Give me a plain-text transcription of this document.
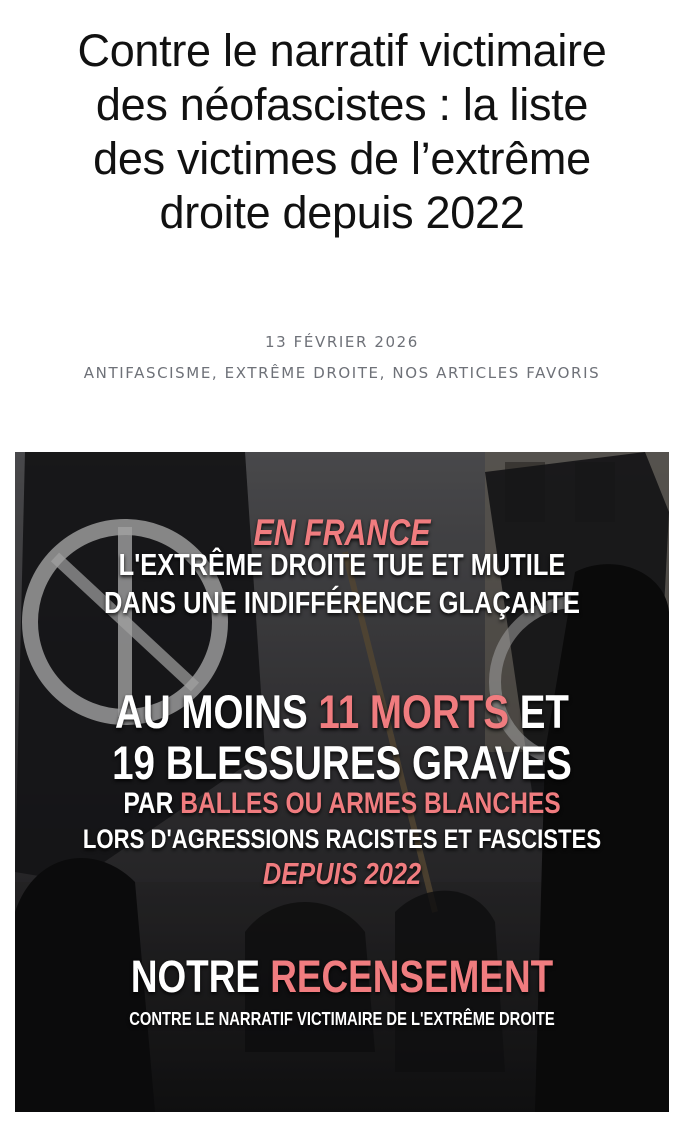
Contre le narratif victimaire
des néofascistes : la liste
des victimes de l’extrême
droite depuis 2022
13 FÉVRIER 2026
ANTIFASCISME, EXTRÊME DROITE, NOS ARTICLES FAVORIS
EN FRANCE
L'EXTRÊME DROITE TUE ET MUTILE
DANS UNE INDIFFÉRENCE GLAÇANTE
AU MOINS 11 MORTS ET
19 BLESSURES GRAVES
PAR BALLES OU ARMES BLANCHES
LORS D'AGRESSIONS RACISTES ET FASCISTES
DEPUIS 2022
NOTRE RECENSEMENT
CONTRE LE NARRATIF VICTIMAIRE DE L'EXTRÊME DROITE
